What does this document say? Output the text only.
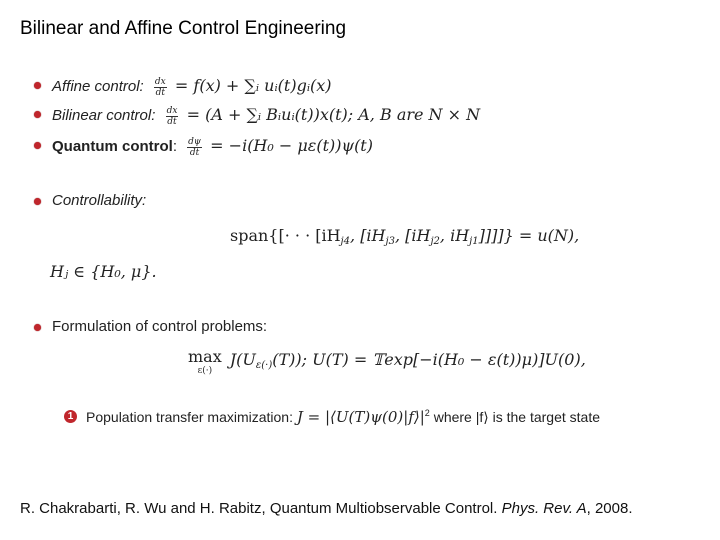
Bilinear and Affine Control Engineering
Affine control: $\frac{dx}{dt} = f(x)$ + ∑ᵢ uᵢ(t)gᵢ(x)
Bilinear control: $\frac{dx}{dt} = (A$ + ∑ᵢ Bᵢuᵢ(t))x(t); A, B are N × N
Quantum control: $\frac{d\psi}{dt} = -i(H_0 - \mu\varepsilon(t))\psi(t)$
Controllability:
span{[· · · [$iH_{j4}$, [$iH_{j3}$, [$iH_{j2}$, $iH_{j1}]]]]\} = u(N)$,
Hⱼ ∈ {H₀, μ}.
Formulation of control problems:
max
ε(·)
$J(U_{\varepsilon(\cdot)}(T))$; U(T) = 𝕋exp[−i(H₀ − ε(t))μ)]U(0),
1 Population transfer maximization: $J = |⟨U(T)\psi(0)|f⟩|^2$ where |f⟩ is the target state
R. Chakrabarti, R. Wu and H. Rabitz, Quantum Multiobservable Control. Phys. Rev. A, 2008.
